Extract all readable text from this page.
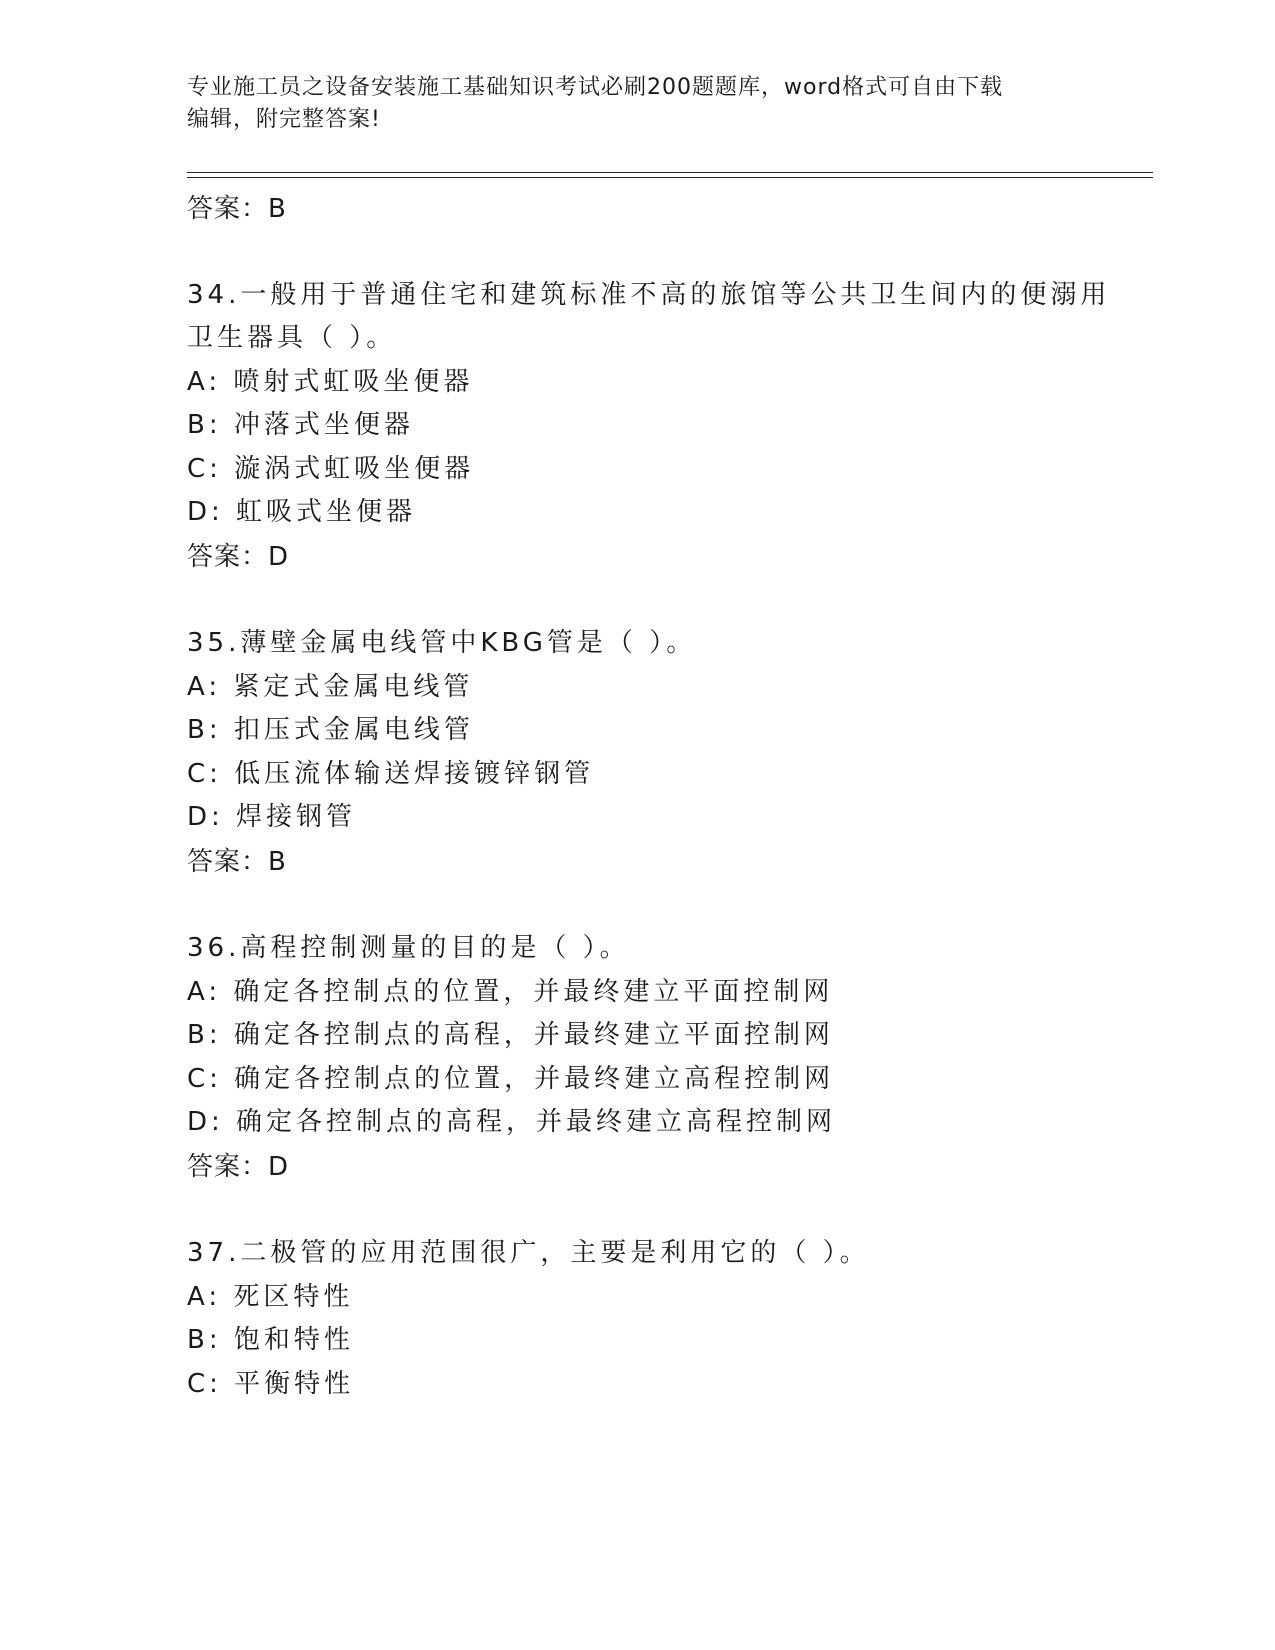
专业施工员之设备安装施工基础知识考试必刷200题题库，word格式可自由下载
编辑，附完整答案!
答案：B
34.一般用于普通住宅和建筑标准不高的旅馆等公共卫生间内的便溺用
卫生器具（ ）。
A: 喷射式虹吸坐便器
B: 冲落式坐便器
C: 漩涡式虹吸坐便器
D: 虹吸式坐便器
答案：D
35.薄壁金属电线管中KBG管是（ ）。
A: 紧定式金属电线管
B: 扣压式金属电线管
C: 低压流体输送焊接镀锌钢管
D: 焊接钢管
答案：B
36.高程控制测量的目的是（ ）。
A: 确定各控制点的位置，并最终建立平面控制网
B: 确定各控制点的高程，并最终建立平面控制网
C: 确定各控制点的位置，并最终建立高程控制网
D: 确定各控制点的高程，并最终建立高程控制网
答案：D
37.二极管的应用范围很广，主要是利用它的（ ）。
A: 死区特性
B: 饱和特性
C: 平衡特性
